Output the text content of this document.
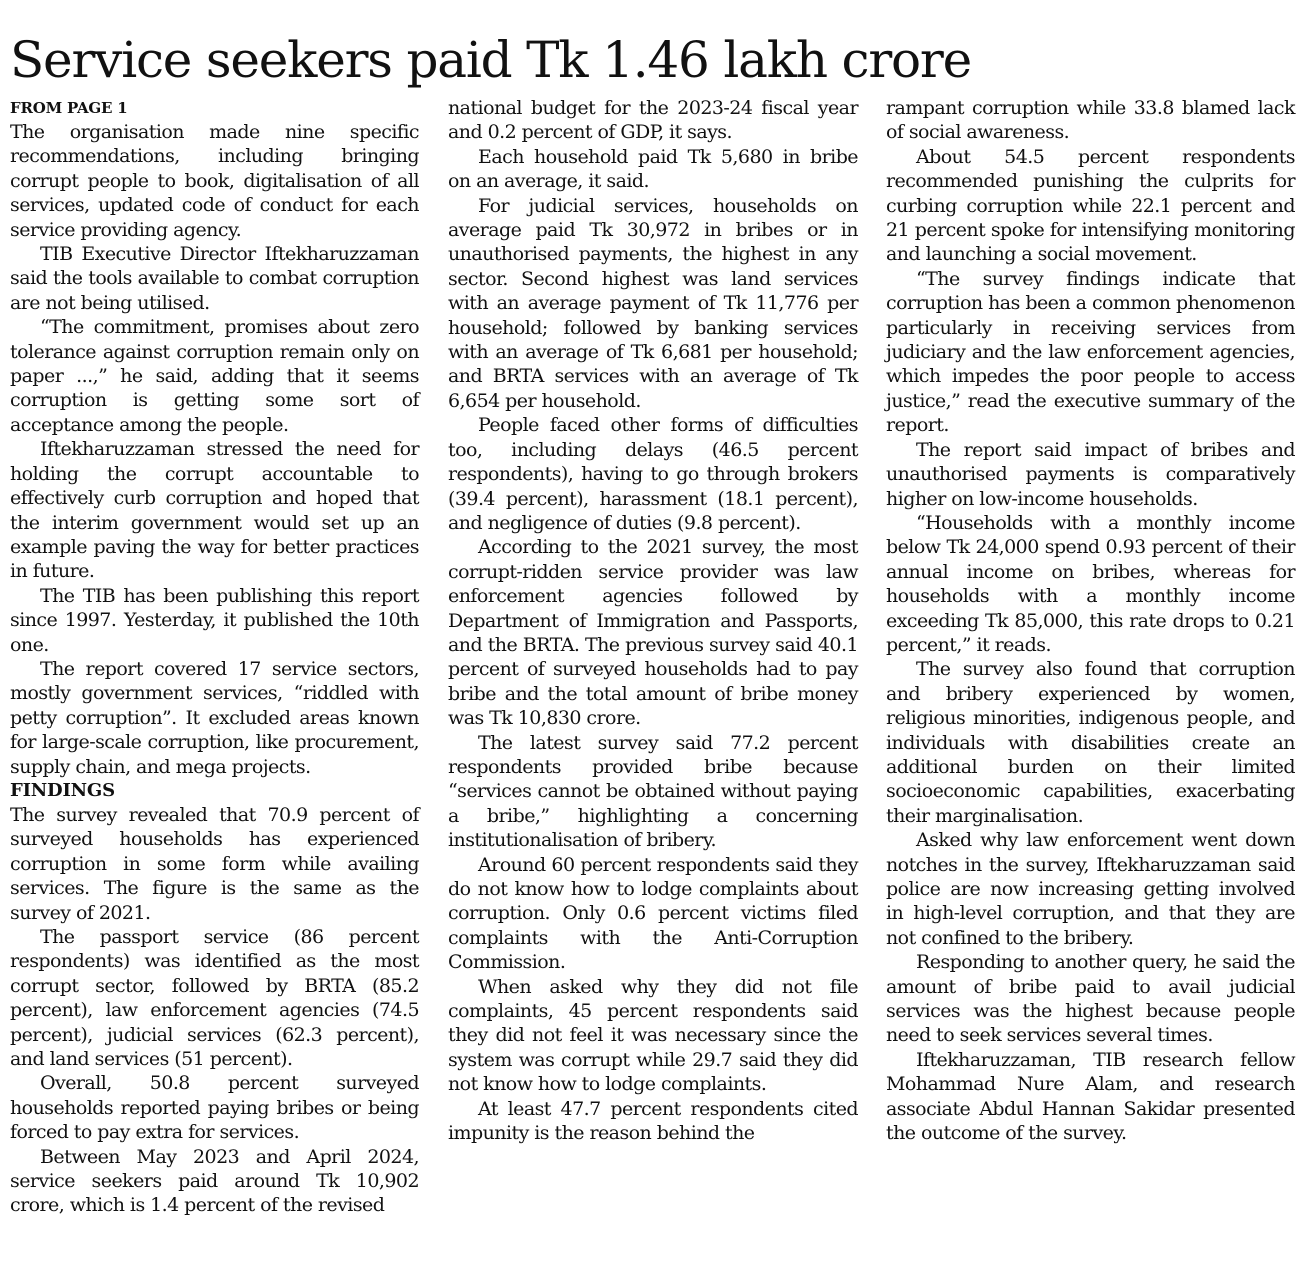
Service seekers paid Tk 1.46 lakh crore
FROM PAGE 1

The organisation made nine specific recommendations, including bringing corrupt people to book, digitalisation of all services, updated code of conduct for each service providing agency.

TIB Executive Director Iftekharuzzaman said the tools available to combat corruption are not being utilised.

“The commitment, promises about zero tolerance against corruption remain only on paper ...,” he said, adding that it seems corruption is getting some sort of acceptance among the people.

Iftekharuzzaman stressed the need for holding the corrupt accountable to effectively curb corruption and hoped that the interim government would set up an example paving the way for better practices in future.

The TIB has been publishing this report since 1997. Yesterday, it published the 10th one.

The report covered 17 service sectors, mostly government services, “riddled with petty corruption”. It excluded areas known for large-scale corruption, like procurement, supply chain, and mega projects.

FINDINGS

The survey revealed that 70.9 percent of surveyed households has experienced corruption in some form while availing services. The figure is the same as the survey of 2021.

The passport service (86 percent respondents) was identified as the most corrupt sector, followed by BRTA (85.2 percent), law enforcement agencies (74.5 percent), judicial services (62.3 percent), and land services (51 percent).

Overall, 50.8 percent surveyed households reported paying bribes or being forced to pay extra for services.

Between May 2023 and April 2024, service seekers paid around Tk 10,902 crore, which is 1.4 percent of the revised

national budget for the 2023-24 fiscal year and 0.2 percent of GDP, it says.

Each household paid Tk 5,680 in bribe on an average, it said.

For judicial services, households on average paid Tk 30,972 in bribes or in unauthorised payments, the highest in any sector. Second highest was land services with an average payment of Tk 11,776 per household; followed by banking services with an average of Tk 6,681 per household; and BRTA services with an average of Tk 6,654 per household.

People faced other forms of difficulties too, including delays (46.5 percent respondents), having to go through brokers (39.4 percent), harassment (18.1 percent), and negligence of duties (9.8 percent).

According to the 2021 survey, the most corrupt-ridden service provider was law enforcement agencies followed by Department of Immigration and Passports, and the BRTA. The previous survey said 40.1 percent of surveyed households had to pay bribe and the total amount of bribe money was Tk 10,830 crore.

The latest survey said 77.2 percent respondents provided bribe because “services cannot be obtained without paying a bribe,” highlighting a concerning institutionalisation of bribery.

Around 60 percent respondents said they do not know how to lodge complaints about corruption. Only 0.6 percent victims filed complaints with the Anti-Corruption Commission.

When asked why they did not file complaints, 45 percent respondents said they did not feel it was necessary since the system was corrupt while 29.7 said they did not know how to lodge complaints.

At least 47.7 percent respondents cited impunity is the reason behind the

rampant corruption while 33.8 blamed lack of social awareness.

About 54.5 percent respondents recommended punishing the culprits for curbing corruption while 22.1 percent and 21 percent spoke for intensifying monitoring and launching a social movement.

“The survey findings indicate that corruption has been a common phenomenon particularly in receiving services from judiciary and the law enforcement agencies, which impedes the poor people to access justice,” read the executive summary of the report.

The report said impact of bribes and unauthorised payments is comparatively higher on low-income households.

“Households with a monthly income below Tk 24,000 spend 0.93 percent of their annual income on bribes, whereas for households with a monthly income exceeding Tk 85,000, this rate drops to 0.21 percent,” it reads.

The survey also found that corruption and bribery experienced by women, religious minorities, indigenous people, and individuals with disabilities create an additional burden on their limited socioeconomic capabilities, exacerbating their marginalisation.

Asked why law enforcement went down notches in the survey, Iftekharuzzaman said police are now increasing getting involved in high-level corruption, and that they are not confined to the bribery.

Responding to another query, he said the amount of bribe paid to avail judicial services was the highest because people need to seek services several times.

Iftekharuzzaman, TIB research fellow Mohammad Nure Alam, and research associate Abdul Hannan Sakidar presented the outcome of the survey.
